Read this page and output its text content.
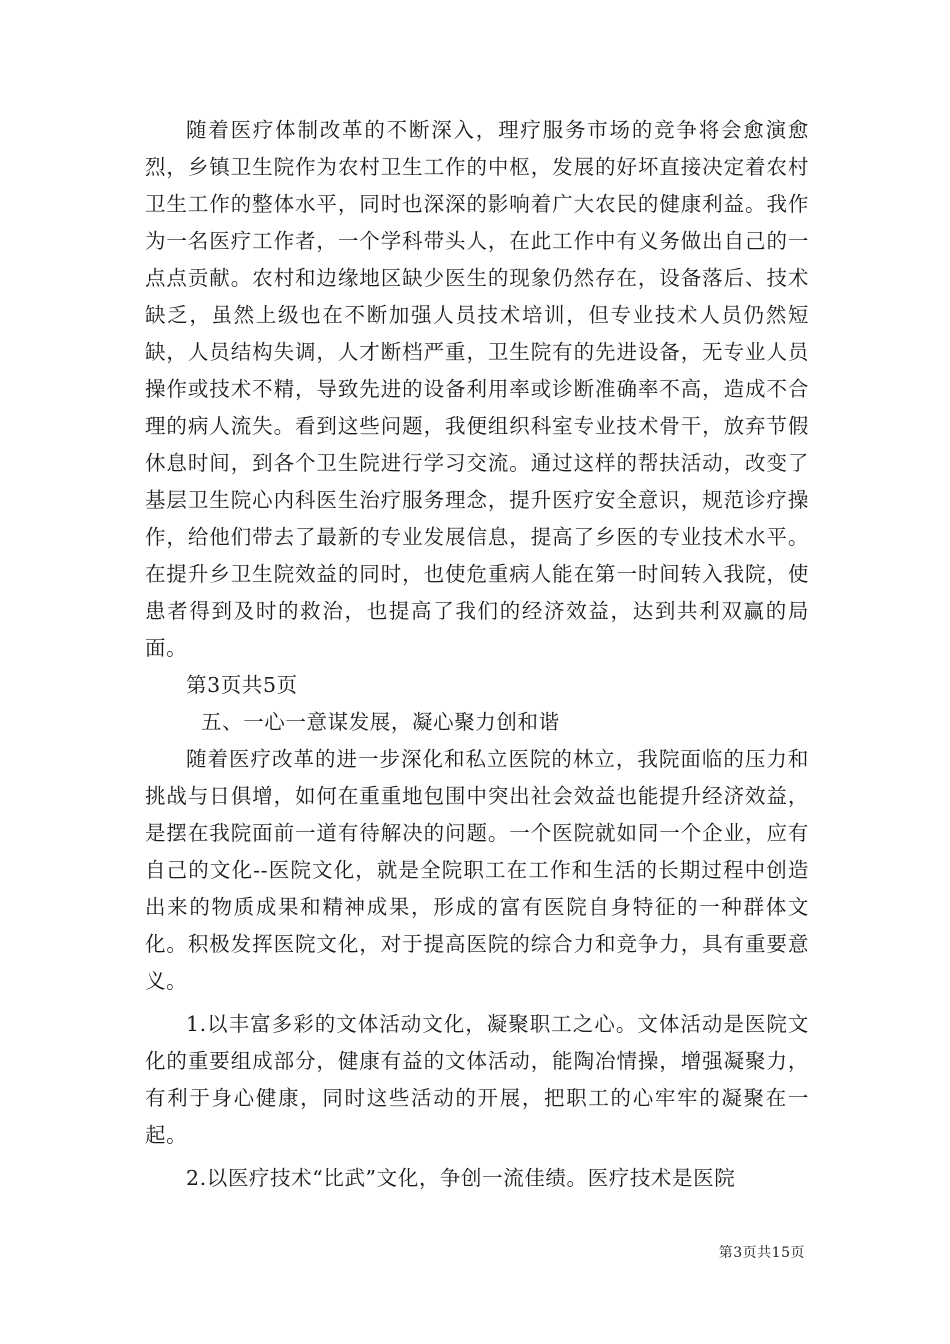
随着医疗体制改革的不断深入，理疗服务市场的竞争将会愈演愈烈，乡镇卫生院作为农村卫生工作的中枢，发展的好坏直接决定着农村卫生工作的整体水平，同时也深深的影响着广大农民的健康利益。我作为一名医疗工作者，一个学科带头人，在此工作中有义务做出自己的一点点贡献。农村和边缘地区缺少医生的现象仍然存在，设备落后、技术缺乏，虽然上级也在不断加强人员技术培训，但专业技术人员仍然短缺，人员结构失调，人才断档严重，卫生院有的先进设备，无专业人员操作或技术不精，导致先进的设备利用率或诊断准确率不高，造成不合理的病人流失。看到这些问题，我便组织科室专业技术骨干，放弃节假休息时间，到各个卫生院进行学习交流。通过这样的帮扶活动，改变了基层卫生院心内科医生治疗服务理念，提升医疗安全意识，规范诊疗操作，给他们带去了最新的专业发展信息，提高了乡医的专业技术水平。在提升乡卫生院效益的同时，也使危重病人能在第一时间转入我院，使患者得到及时的救治，也提高了我们的经济效益，达到共利双赢的局面。

第3页共5页

五、一心一意谋发展，凝心聚力创和谐

随着医疗改革的进一步深化和私立医院的林立，我院面临的压力和挑战与日俱增，如何在重重地包围中突出社会效益也能提升经济效益，是摆在我院面前一道有待解决的问题。一个医院就如同一个企业，应有自己的文化--医院文化，就是全院职工在工作和生活的长期过程中创造出来的物质成果和精神成果，形成的富有医院自身特征的一种群体文化。积极发挥医院文化，对于提高医院的综合力和竞争力，具有重要意义。

1.以丰富多彩的文体活动文化，凝聚职工之心。文体活动是医院文化的重要组成部分，健康有益的文体活动，能陶冶情操，增强凝聚力，有利于身心健康，同时这些活动的开展，把职工的心牢牢的凝聚在一起。

2.以医疗技术“比武”文化，争创一流佳绩。医疗技术是医院

第3页共15页
